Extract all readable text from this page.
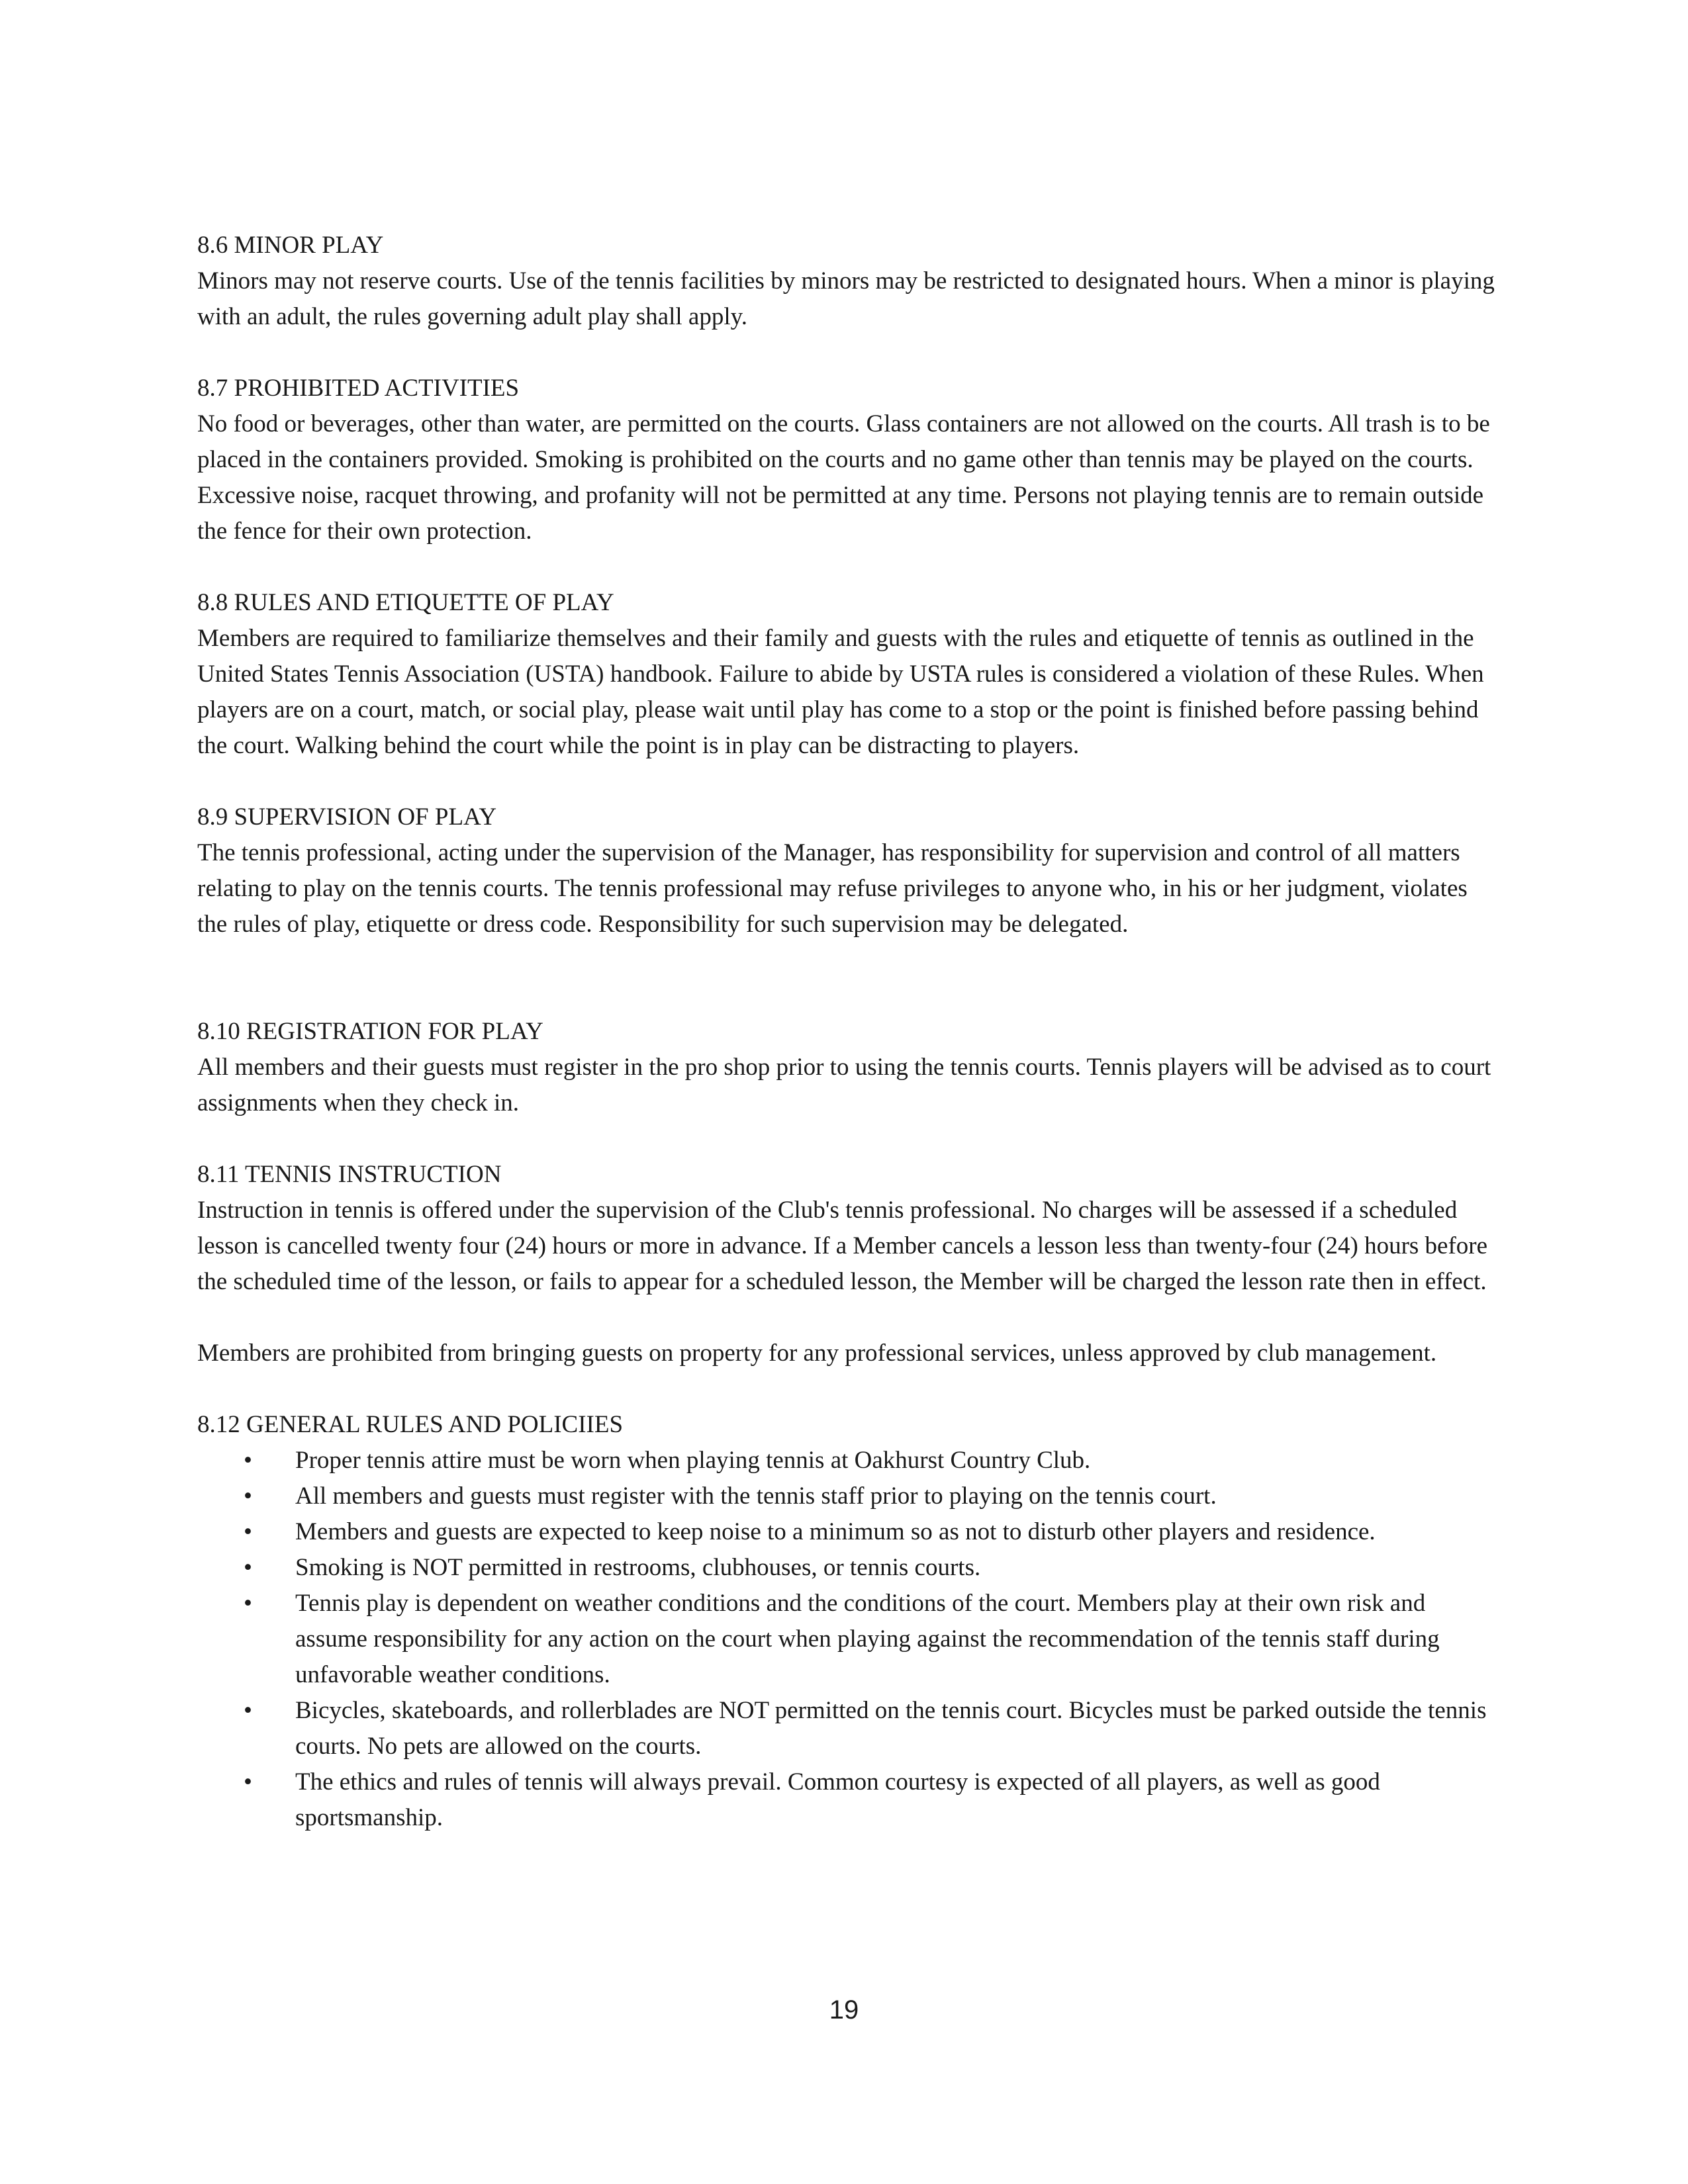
8.6 MINOR PLAY

Minors may not reserve courts. Use of the tennis facilities by minors may be restricted to designated hours. When a minor is playing with an adult, the rules governing adult play shall apply.

8.7 PROHIBITED ACTIVITIES

No food or beverages, other than water, are permitted on the courts. Glass containers are not allowed on the courts. All trash is to be placed in the containers provided. Smoking is prohibited on the courts and no game other than tennis may be played on the courts. Excessive noise, racquet throwing, and profanity will not be permitted at any time. Persons not playing tennis are to remain outside the fence for their own protection.

8.8 RULES AND ETIQUETTE OF PLAY

Members are required to familiarize themselves and their family and guests with the rules and etiquette of tennis as outlined in the United States Tennis Association (USTA) handbook. Failure to abide by USTA rules is considered a violation of these Rules. When players are on a court, match, or social play, please wait until play has come to a stop or the point is finished before passing behind the court. Walking behind the court while the point is in play can be distracting to players.

8.9 SUPERVISION OF PLAY

The tennis professional, acting under the supervision of the Manager, has responsibility for supervision and control of all matters relating to play on the tennis courts. The tennis professional may refuse privileges to anyone who, in his or her judgment, violates the rules of play, etiquette or dress code. Responsibility for such supervision may be delegated.

8.10 REGISTRATION FOR PLAY

All members and their guests must register in the pro shop prior to using the tennis courts. Tennis players will be advised as to court assignments when they check in.

8.11 TENNIS INSTRUCTION

Instruction in tennis is offered under the supervision of the Club's tennis professional. No charges will be assessed if a scheduled lesson is cancelled twenty four (24) hours or more in advance. If a Member cancels a lesson less than twenty-four (24) hours before the scheduled time of the lesson, or fails to appear for a scheduled lesson, the Member will be charged the lesson rate then in effect.

Members are prohibited from bringing guests on property for any professional services, unless approved by club management.

8.12 GENERAL RULES AND POLICIIES

• Proper tennis attire must be worn when playing tennis at Oakhurst Country Club.
• All members and guests must register with the tennis staff prior to playing on the tennis court.
• Members and guests are expected to keep noise to a minimum so as not to disturb other players and residence.
• Smoking is NOT permitted in restrooms, clubhouses, or tennis courts.
• Tennis play is dependent on weather conditions and the conditions of the court. Members play at their own risk and assume responsibility for any action on the court when playing against the recommendation of the tennis staff during unfavorable weather conditions.
• Bicycles, skateboards, and rollerblades are NOT permitted on the tennis court. Bicycles must be parked outside the tennis courts. No pets are allowed on the courts.
• The ethics and rules of tennis will always prevail. Common courtesy is expected of all players, as well as good sportsmanship.
19
